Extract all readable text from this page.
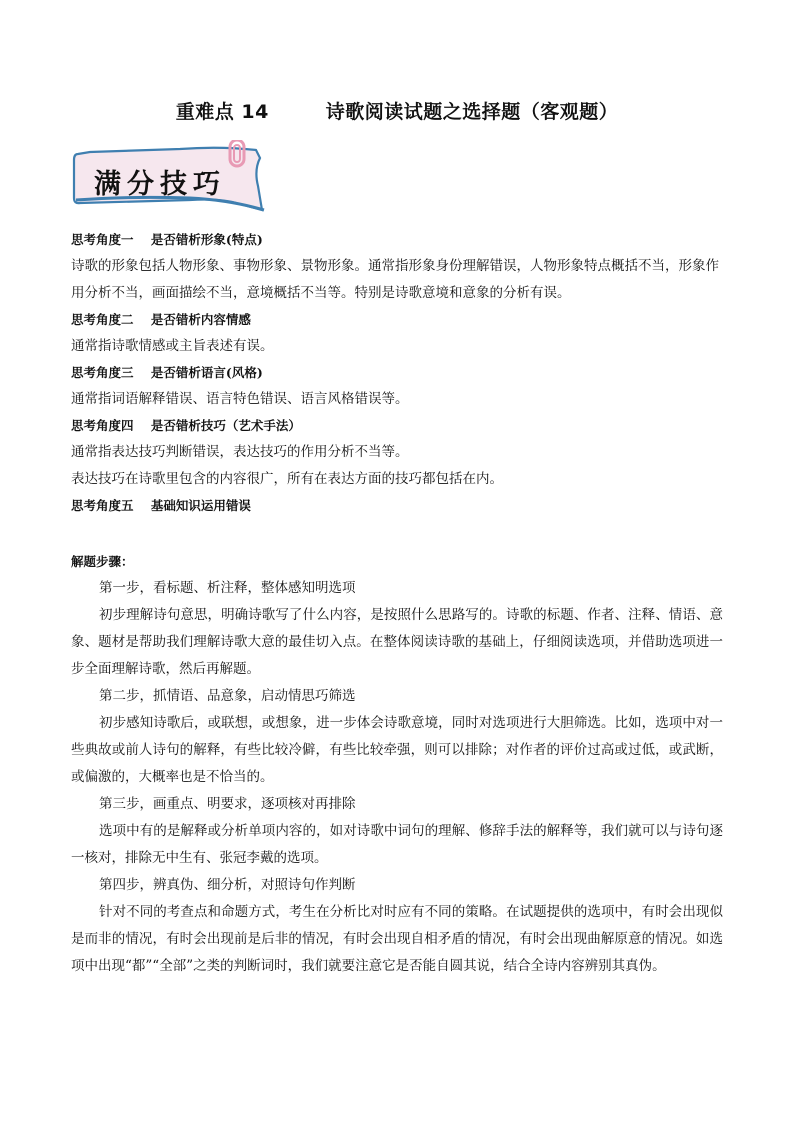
重难点 14        诗歌阅读试题之选择题（客观题）
满分技巧
思考角度一    是否错析形象(特点)
诗歌的形象包括人物形象、事物形象、景物形象。通常指形象身份理解错误，人物形象特点概括不当，形象作用分析不当，画面描绘不当，意境概括不当等。特别是诗歌意境和意象的分析有误。
思考角度二    是否错析内容情感
通常指诗歌情感或主旨表述有误。
思考角度三    是否错析语言(风格)
通常指词语解释错误、语言特色错误、语言风格错误等。
思考角度四    是否错析技巧（艺术手法）
通常指表达技巧判断错误，表达技巧的作用分析不当等。
表达技巧在诗歌里包含的内容很广，所有在表达方面的技巧都包括在内。
思考角度五    基础知识运用错误
解题步骤：
第一步，看标题、析注释，整体感知明选项
初步理解诗句意思，明确诗歌写了什么内容，是按照什么思路写的。诗歌的标题、作者、注释、情语、意象、题材是帮助我们理解诗歌大意的最佳切入点。在整体阅读诗歌的基础上，仔细阅读选项，并借助选项进一步全面理解诗歌，然后再解题。
第二步，抓情语、品意象，启动情思巧筛选
初步感知诗歌后，或联想，或想象，进一步体会诗歌意境，同时对选项进行大胆筛选。比如，选项中对一些典故或前人诗句的解释，有些比较冷僻，有些比较牵强，则可以排除；对作者的评价过高或过低，或武断，或偏激的，大概率也是不恰当的。
第三步，画重点、明要求，逐项核对再排除
选项中有的是解释或分析单项内容的，如对诗歌中词句的理解、修辞手法的解释等，我们就可以与诗句逐一核对，排除无中生有、张冠李戴的选项。
第四步，辨真伪、细分析，对照诗句作判断
针对不同的考查点和命题方式，考生在分析比对时应有不同的策略。在试题提供的选项中，有时会出现似是而非的情况，有时会出现前是后非的情况，有时会出现自相矛盾的情况，有时会出现曲解原意的情况。如选项中出现“都”“全部”之类的判断词时，我们就要注意它是否能自圆其说，结合全诗内容辨别其真伪。
